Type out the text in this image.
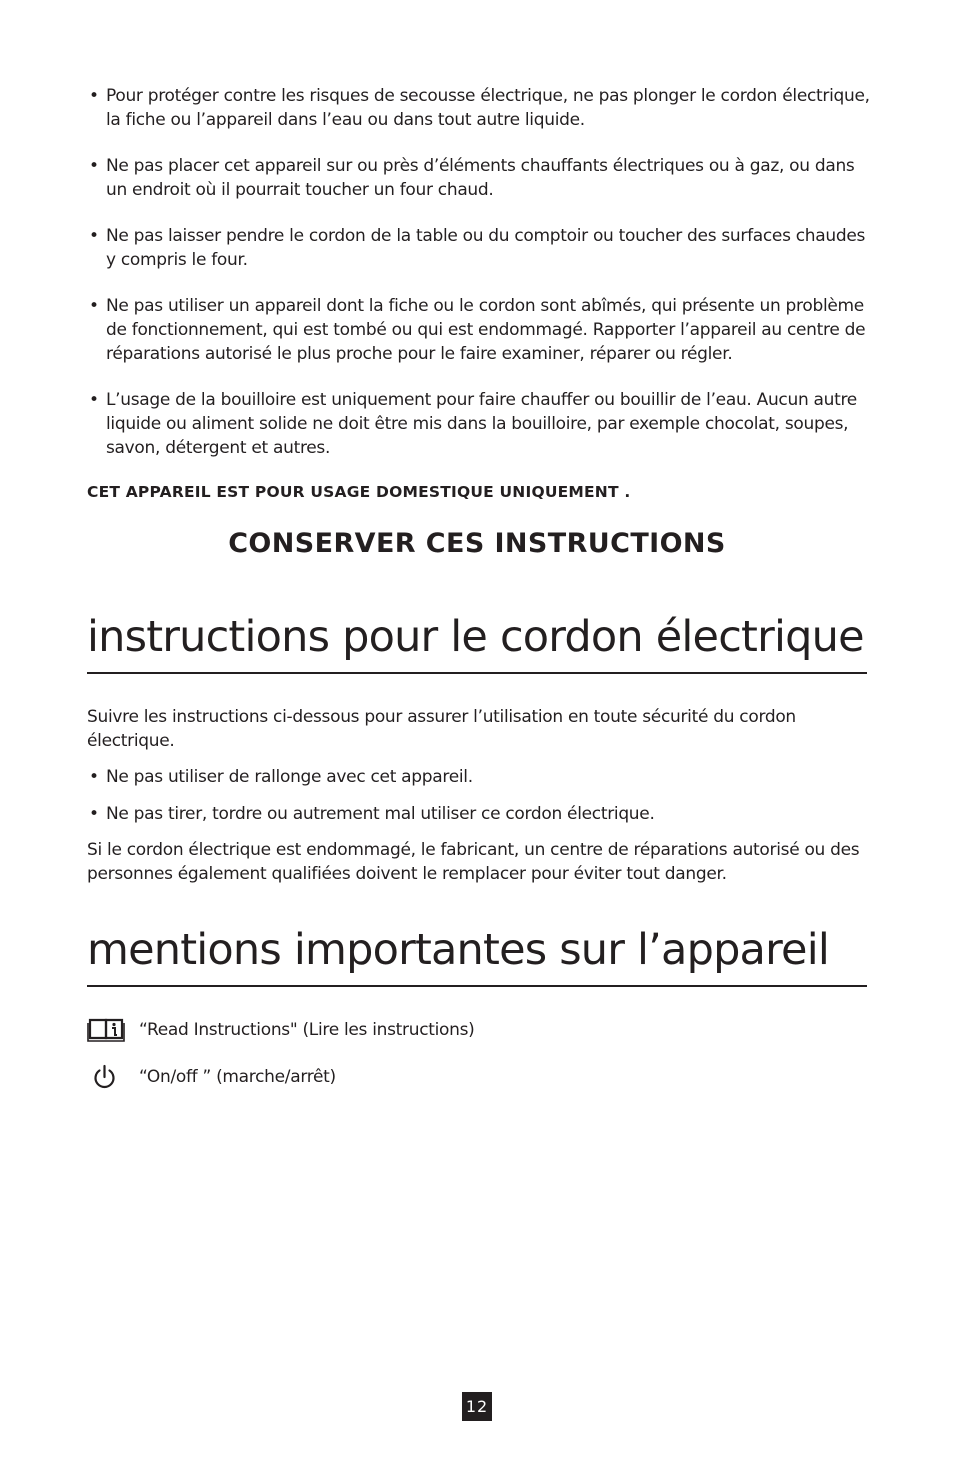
• Pour protéger contre les risques de secousse électrique, ne pas plonger le cordon électrique, la fiche ou l’appareil dans l’eau ou dans tout autre liquide.
• Ne pas placer cet appareil sur ou près d’éléments chauffants électriques ou à gaz, ou dans un endroit où il pourrait toucher un four chaud.
• Ne pas laisser pendre le cordon de la table ou du comptoir ou toucher des surfaces chaudes y compris le four.
• Ne pas utiliser un appareil dont la fiche ou le cordon sont abîmés, qui présente un problème de fonctionnement, qui est tombé ou qui est endommagé. Rapporter l’appareil au centre de réparations autorisé le plus proche pour le faire examiner, réparer ou régler.
• L’usage de la bouilloire est uniquement pour faire chauffer ou bouillir de l’eau. Aucun autre liquide ou aliment solide ne doit être mis dans la bouilloire, par exemple chocolat, soupes, savon, détergent et autres.
CET APPAREIL EST POUR USAGE DOMESTIQUE UNIQUEMENT .
CONSERVER CES INSTRUCTIONS
instructions pour le cordon électrique

Suivre les instructions ci-dessous pour assurer l’utilisation en toute sécurité du cordon électrique.

• Ne pas utiliser de rallonge avec cet appareil.
• Ne pas tirer, tordre ou autrement mal utiliser ce cordon électrique.

Si le cordon électrique est endommagé, le fabricant, un centre de réparations autorisé ou des personnes également qualifiées doivent le remplacer pour éviter tout danger.

mentions importantes sur l’appareil
“Read Instructions" (Lire les instructions)
“On/off ” (marche/arrêt)
12
